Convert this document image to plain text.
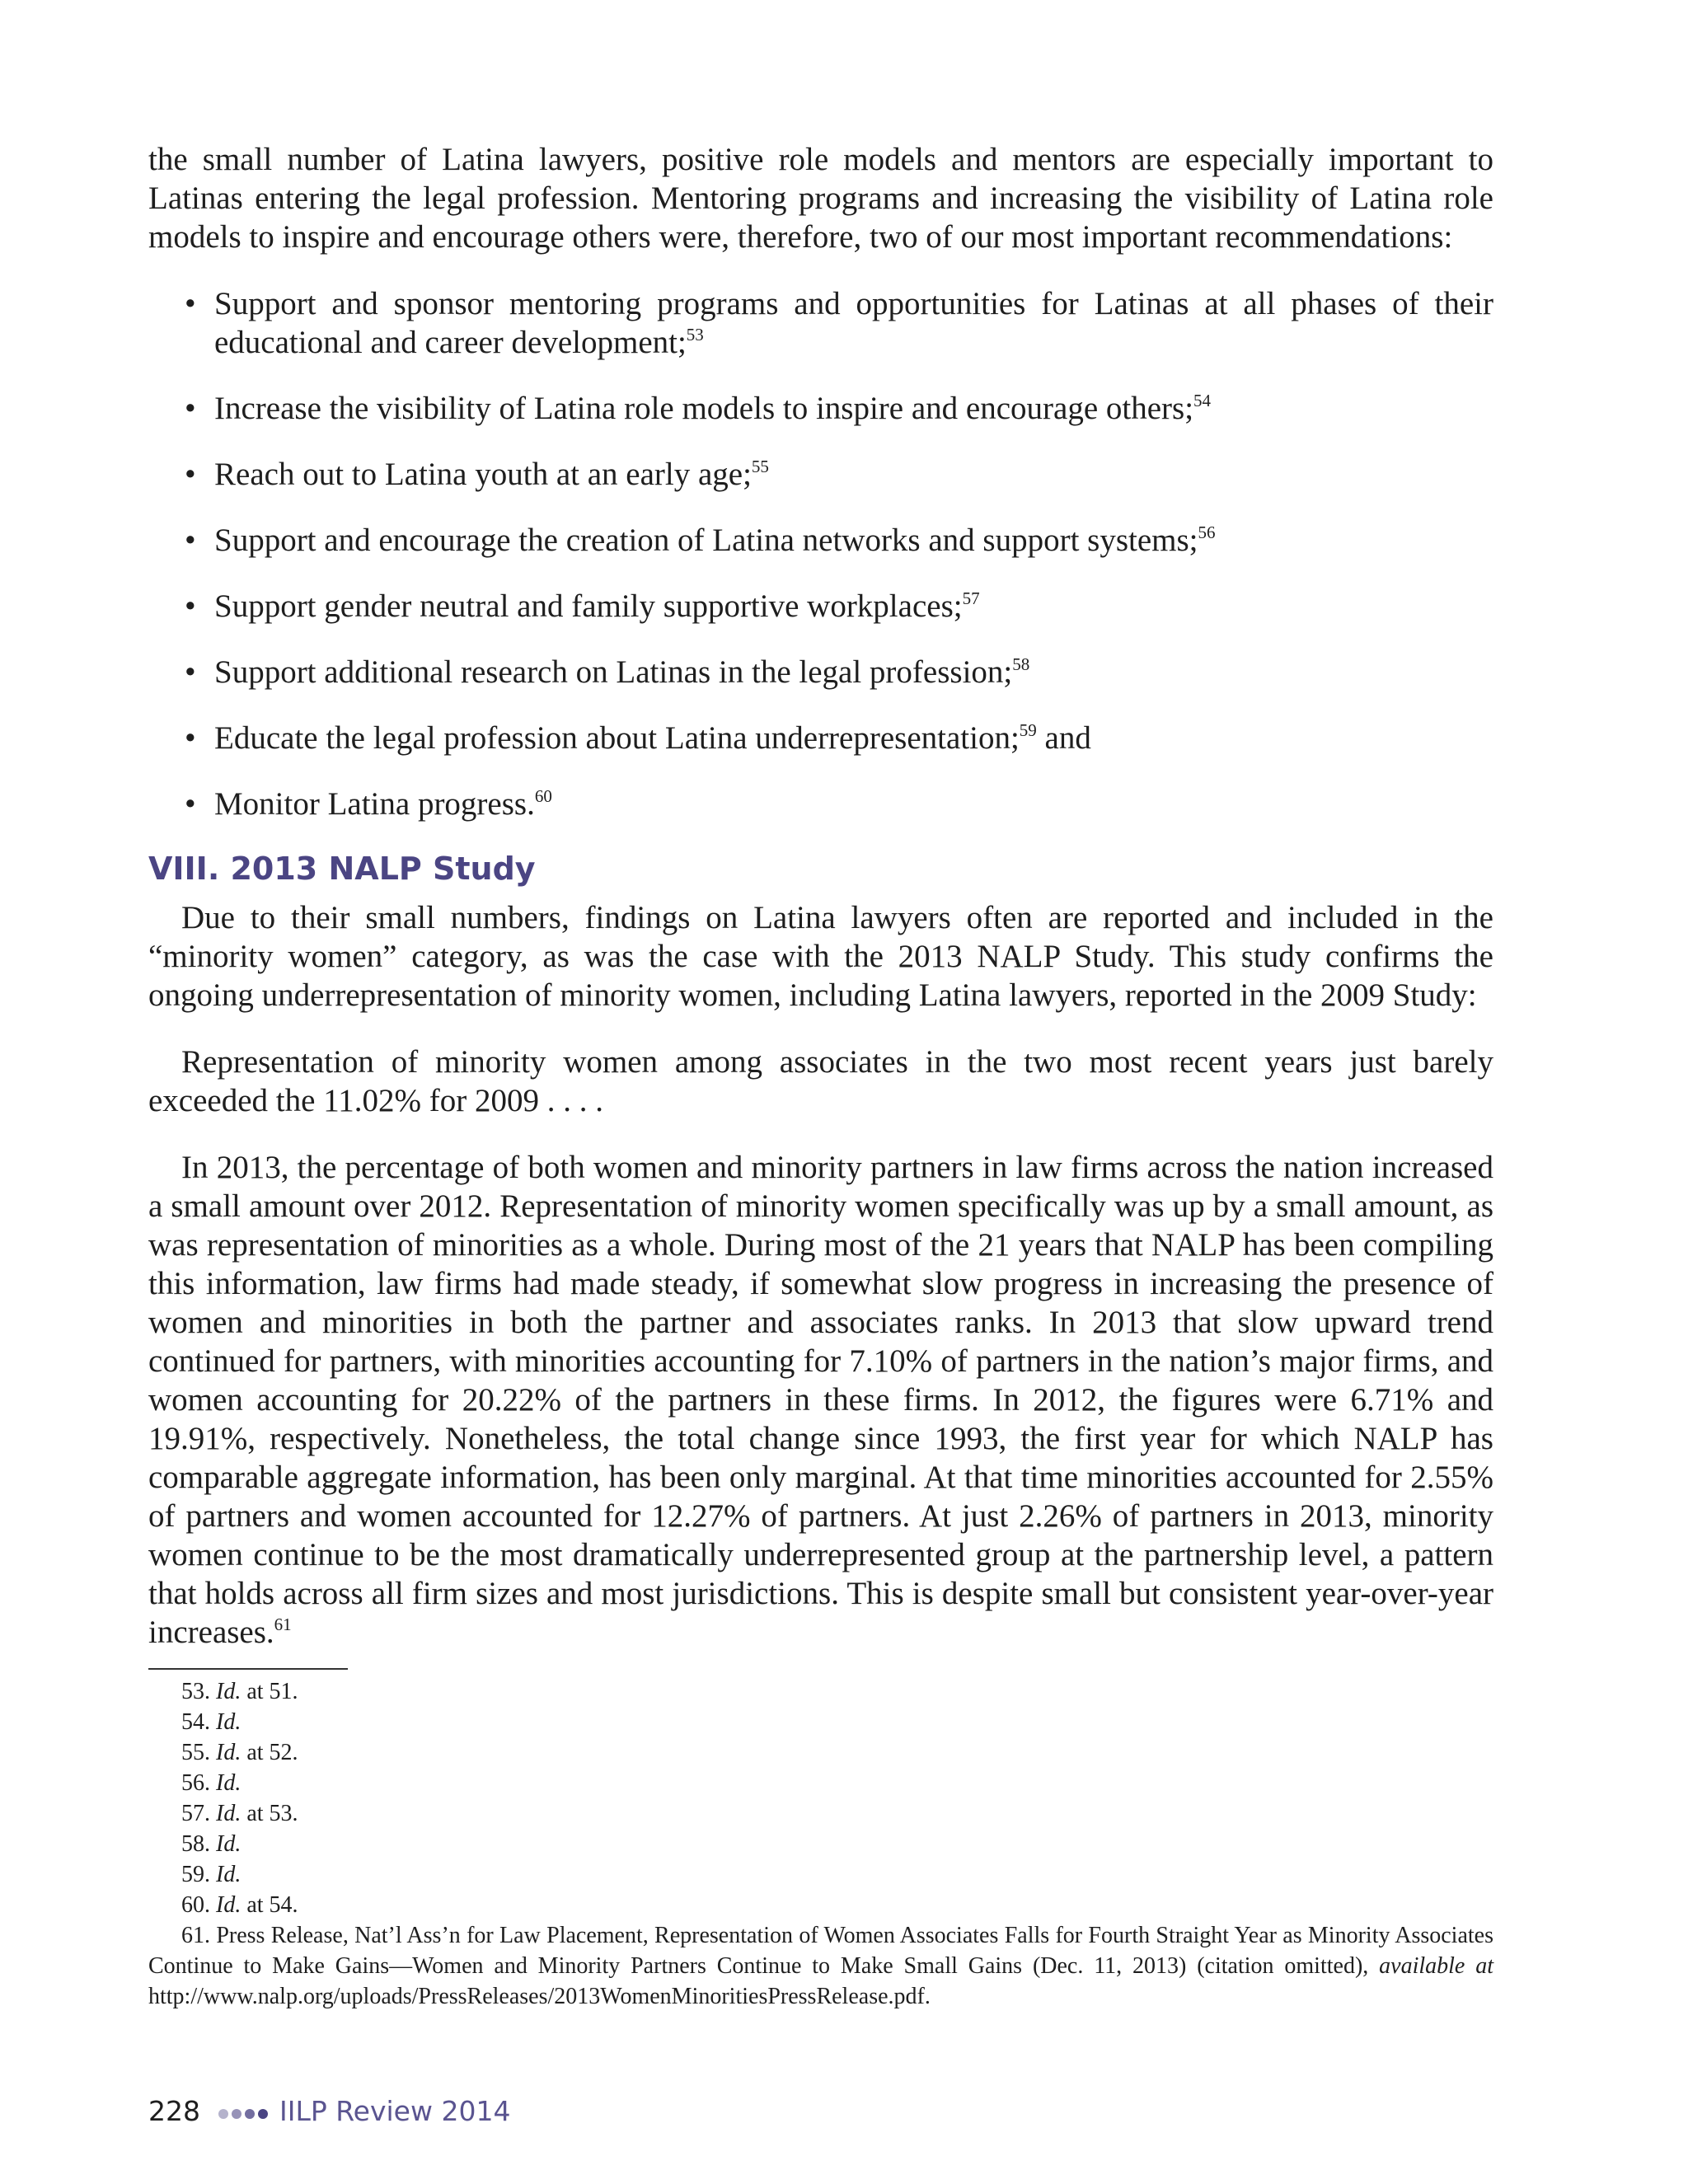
the small number of Latina lawyers, positive role models and mentors are especially important to Latinas entering the legal profession. Mentoring programs and increasing the visibility of Latina role models to inspire and encourage others were, therefore, two of our most important recommendations:

• Support and sponsor mentoring programs and opportunities for Latinas at all phases of their educational and career development;$^{53}$
• Increase the visibility of Latina role models to inspire and encourage others;$^{54}$
• Reach out to Latina youth at an early age;$^{55}$
• Support and encourage the creation of Latina networks and support systems;$^{56}$
• Support gender neutral and family supportive workplaces;$^{57}$
• Support additional research on Latinas in the legal profession;$^{58}$
• Educate the legal profession about Latina underrepresentation;$^{59}$ and
• Monitor Latina progress.$^{60}$
VIII. 2013 NALP Study

Due to their small numbers, findings on Latina lawyers often are reported and included in the “minority women” category, as was the case with the 2013 NALP Study. This study confirms the ongoing underrepresentation of minority women, including Latina lawyers, reported in the 2009 Study:

Representation of minority women among associates in the two most recent years just barely exceeded the 11.02% for 2009 . . . .

In 2013, the percentage of both women and minority partners in law firms across the nation increased a small amount over 2012. Representation of minority women specifically was up by a small amount, as was representation of minorities as a whole. During most of the 21 years that NALP has been compiling this information, law firms had made steady, if somewhat slow progress in increasing the presence of women and minorities in both the partner and associates ranks. In 2013 that slow upward trend continued for partners, with minorities accounting for 7.10% of partners in the nation’s major firms, and women accounting for 20.22% of the partners in these firms. In 2012, the figures were 6.71% and 19.91%, respectively. Nonetheless, the total change since 1993, the first year for which NALP has comparable aggregate information, has been only marginal. At that time minorities accounted for 2.55% of partners and women accounted for 12.27% of partners. At just 2.26% of partners in 2013, minority women continue to be the most dramatically underrepresented group at the partnership level, a pattern that holds across all firm sizes and most jurisdictions. This is despite small but consistent year-over-year increases.$^{61}$

53. Id. at 51.
54. Id.
55. Id. at 52.
56. Id.
57. Id. at 53.
58. Id.
59. Id.
60. Id. at 54.
61. Press Release, Nat’l Ass’n for Law Placement, Representation of Women Associates Falls for Fourth Straight Year as Minority Associates Continue to Make Gains—Women and Minority Partners Continue to Make Small Gains (Dec. 11, 2013) (citation omitted), available at http://www.nalp.org/uploads/PressReleases/2013WomenMinoritiesPressRelease.pdf.
228	IILP Review 2014
